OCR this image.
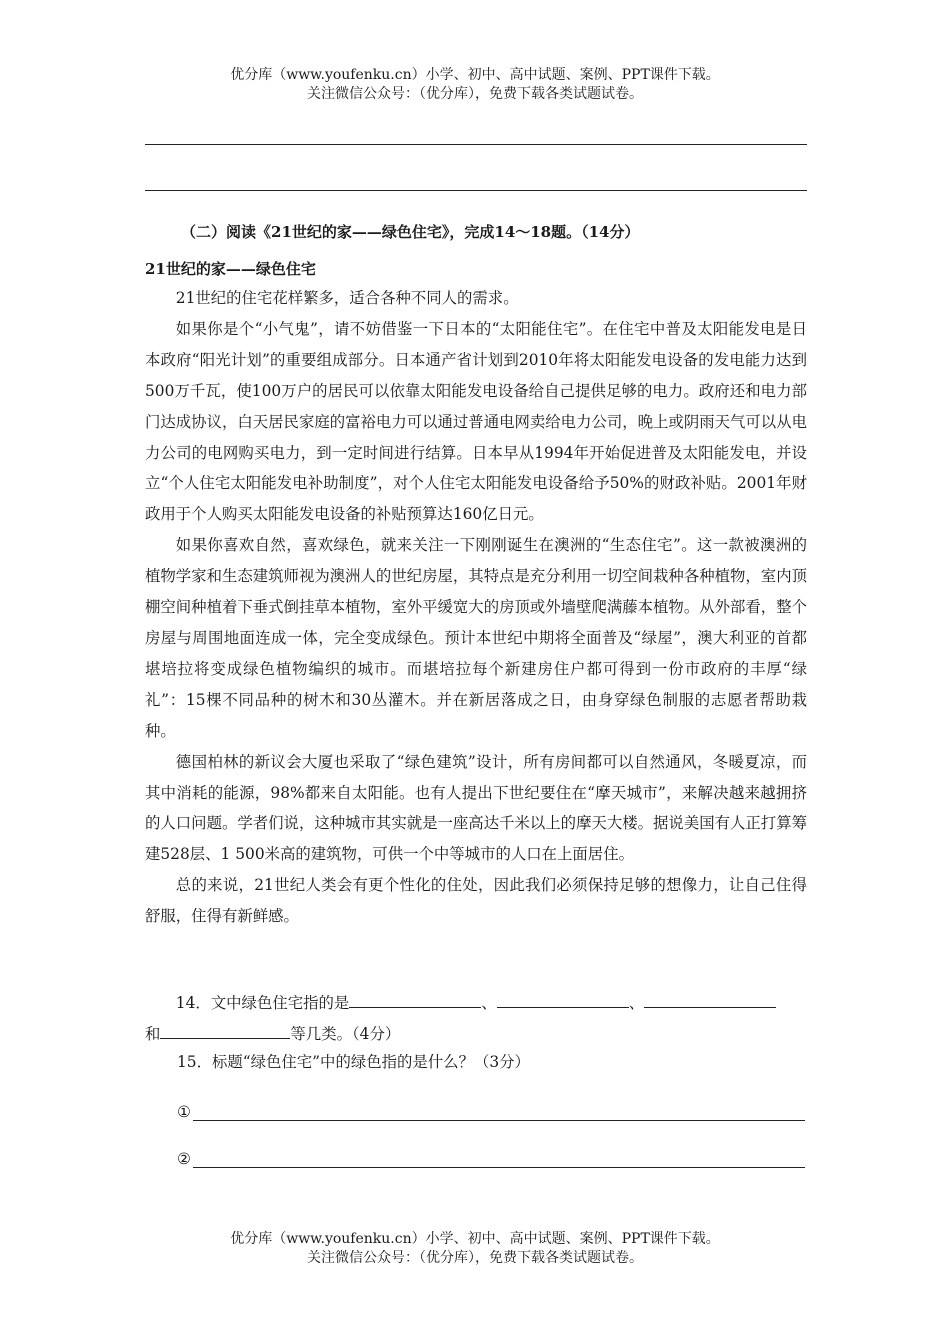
优分库（www.youfenku.cn）小学、初中、高中试题、案例、PPT课件下载。
关注微信公众号：（优分库），免费下载各类试题试卷。
（二）阅读《21世纪的家——绿色住宅》，完成14～18题。（14分）
21世纪的家——绿色住宅

21世纪的住宅花样繁多，适合各种不同人的需求。

如果你是个“小气鬼”，请不妨借鉴一下日本的“太阳能住宅”。在住宅中普及太阳能发电是日本政府“阳光计划”的重要组成部分。日本通产省计划到2010年将太阳能发电设备的发电能力达到500万千瓦，使100万户的居民可以依靠太阳能发电设备给自己提供足够的电力。政府还和电力部门达成协议，白天居民家庭的富裕电力可以通过普通电网卖给电力公司，晚上或阴雨天气可以从电力公司的电网购买电力，到一定时间进行结算。日本早从1994年开始促进普及太阳能发电，并设立“个人住宅太阳能发电补助制度”，对个人住宅太阳能发电设备给予50%的财政补贴。2001年财政用于个人购买太阳能发电设备的补贴预算达160亿日元。

如果你喜欢自然，喜欢绿色，就来关注一下刚刚诞生在澳洲的“生态住宅”。这一款被澳洲的植物学家和生态建筑师视为澳洲人的世纪房屋，其特点是充分利用一切空间栽种各种植物，室内顶棚空间种植着下垂式倒挂草本植物，室外平缓宽大的房顶或外墙壁爬满藤本植物。从外部看，整个房屋与周围地面连成一体，完全变成绿色。预计本世纪中期将全面普及“绿屋”，澳大利亚的首都堪培拉将变成绿色植物编织的城市。而堪培拉每个新建房住户都可得到一份市政府的丰厚“绿礼”：15棵不同品种的树木和30丛灌木。并在新居落成之日，由身穿绿色制服的志愿者帮助栽种。

德国柏林的新议会大厦也采取了“绿色建筑”设计，所有房间都可以自然通风，冬暖夏凉，而其中消耗的能源，98%都来自太阳能。也有人提出下世纪要住在“摩天城市”，来解决越来越拥挤的人口问题。学者们说，这种城市其实就是一座高达千米以上的摩天大楼。据说美国有人正打算筹建528层、1 500米高的建筑物，可供一个中等城市的人口在上面居住。

总的来说，21世纪人类会有更个性化的住处，因此我们必须保持足够的想像力，让自己住得舒服，住得有新鲜感。

14．文中绿色住宅指的是	、	、
和	等几类。（4分）
15．标题“绿色住宅”中的绿色指的是什么？（3分）
①
②
优分库（www.youfenku.cn）小学、初中、高中试题、案例、PPT课件下载。
关注微信公众号：（优分库），免费下载各类试题试卷。
